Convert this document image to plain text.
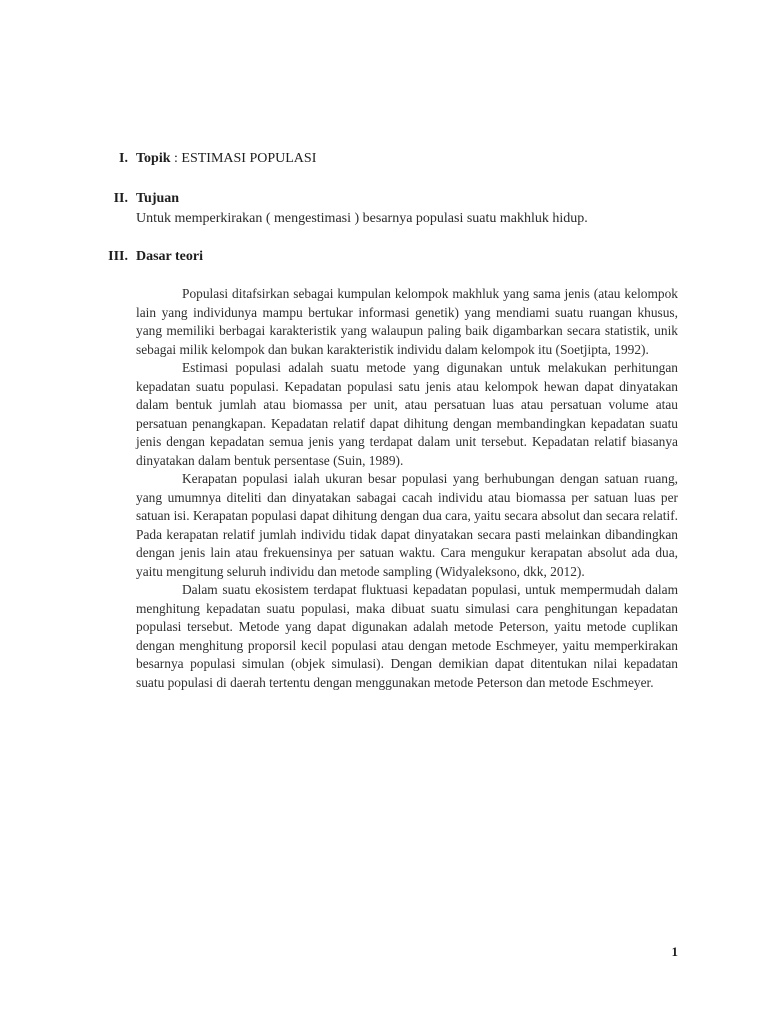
I. Topik : ESTIMASI POPULASI
II. Tujuan
Untuk memperkirakan ( mengestimasi ) besarnya populasi suatu makhluk hidup.
III. Dasar teori

Populasi ditafsirkan sebagai kumpulan kelompok makhluk yang sama jenis (atau kelompok lain yang individunya mampu bertukar informasi genetik) yang mendiami suatu ruangan khusus, yang memiliki berbagai karakteristik yang walaupun paling baik digambarkan secara statistik, unik sebagai milik kelompok dan bukan karakteristik individu dalam kelompok itu (Soetjipta, 1992).

Estimasi populasi adalah suatu metode yang digunakan untuk melakukan perhitungan kepadatan suatu populasi. Kepadatan populasi satu jenis atau kelompok hewan dapat dinyatakan dalam bentuk jumlah atau biomassa per unit, atau persatuan luas atau persatuan volume atau persatuan penangkapan. Kepadatan relatif dapat dihitung dengan membandingkan kepadatan suatu jenis dengan kepadatan semua jenis yang terdapat dalam unit tersebut. Kepadatan relatif biasanya dinyatakan dalam bentuk persentase (Suin, 1989).

Kerapatan populasi ialah ukuran besar populasi yang berhubungan dengan satuan ruang, yang umumnya diteliti dan dinyatakan sabagai cacah individu atau biomassa per satuan luas per satuan isi. Kerapatan populasi dapat dihitung dengan dua cara, yaitu secara absolut dan secara relatif. Pada kerapatan relatif jumlah individu tidak dapat dinyatakan secara pasti melainkan dibandingkan dengan jenis lain atau frekuensinya per satuan waktu. Cara mengukur kerapatan absolut ada dua, yaitu mengitung seluruh individu dan metode sampling (Widyaleksono, dkk, 2012).

Dalam suatu ekosistem terdapat fluktuasi kepadatan populasi, untuk mempermudah dalam menghitung kepadatan suatu populasi, maka dibuat suatu simulasi cara penghitungan kepadatan populasi tersebut. Metode yang dapat digunakan adalah metode Peterson, yaitu metode cuplikan dengan menghitung proporsil kecil populasi atau dengan metode Eschmeyer, yaitu memperkirakan besarnya populasi simulan (objek simulasi). Dengan demikian dapat ditentukan nilai kepadatan suatu populasi di daerah tertentu dengan menggunakan metode Peterson dan metode Eschmeyer.

1
